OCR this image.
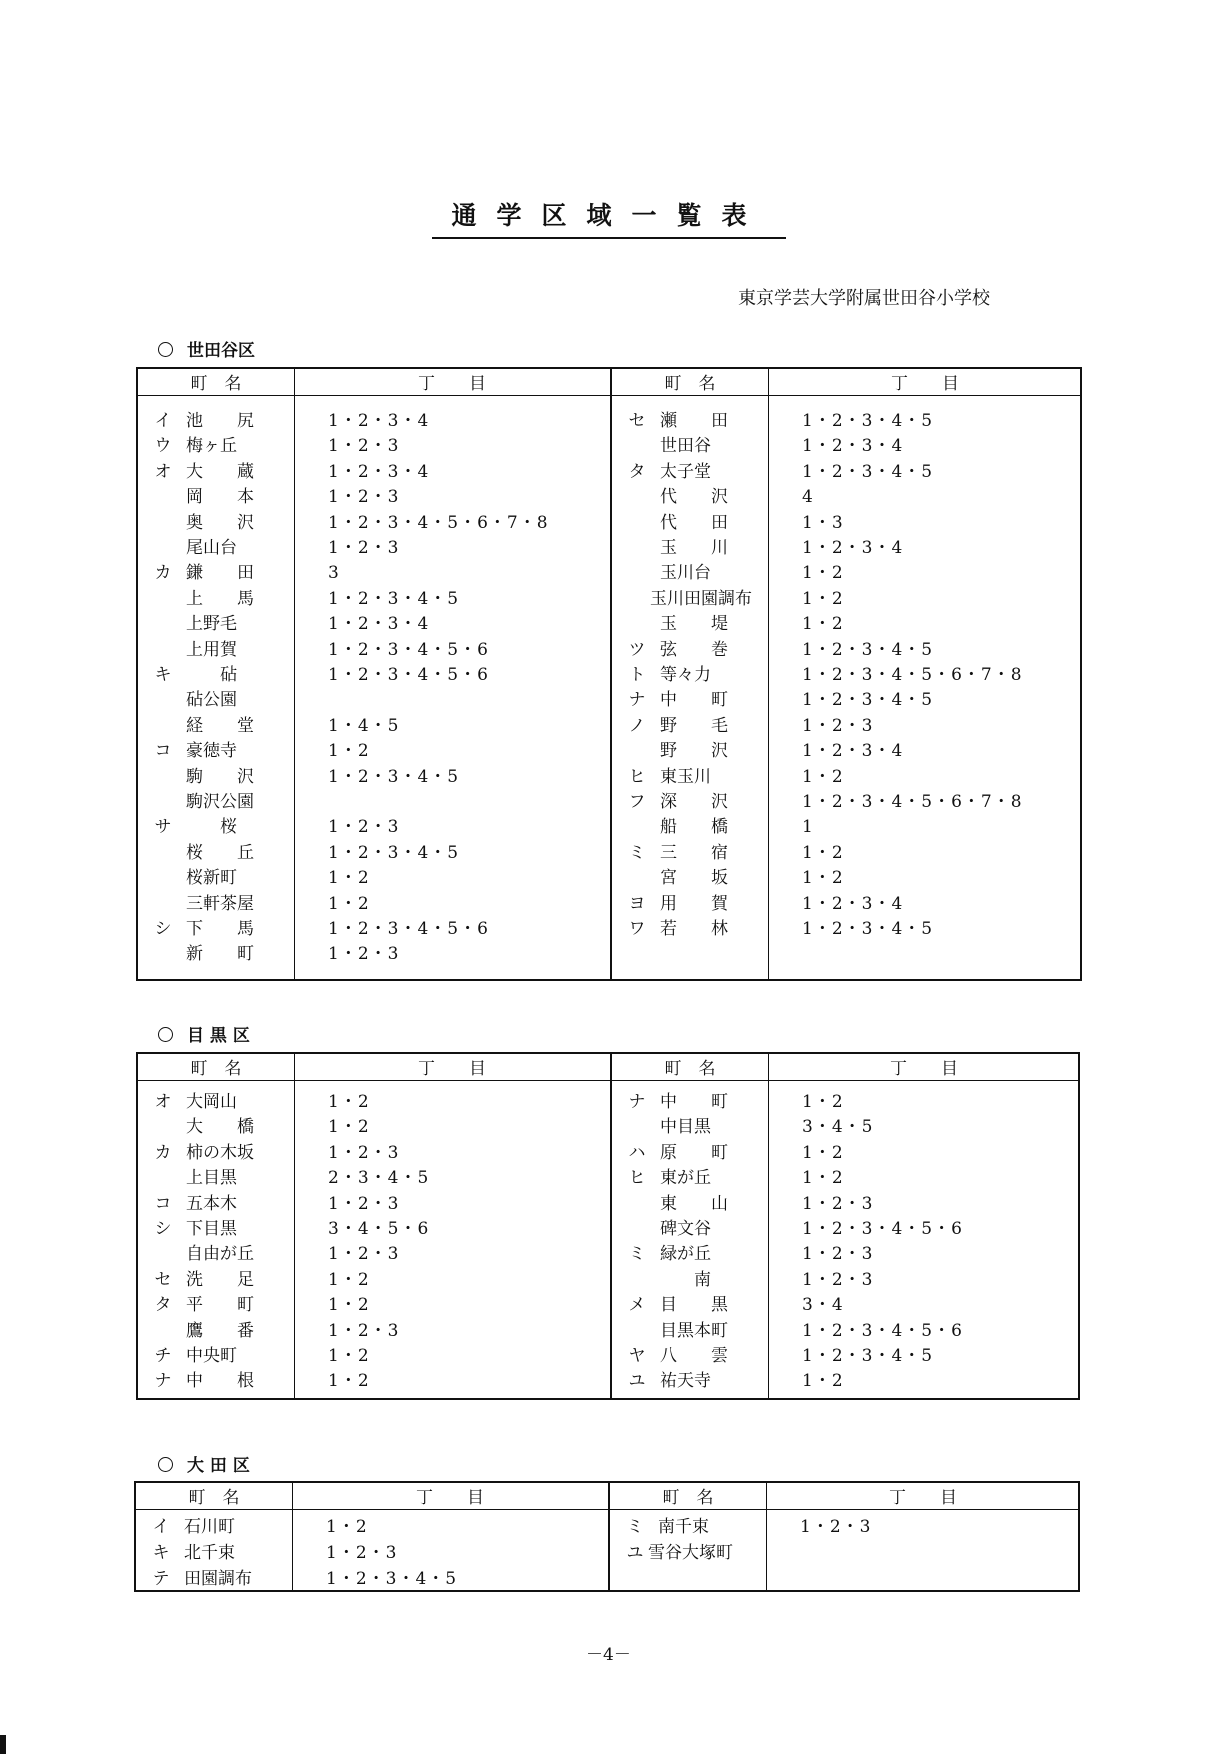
通学区域一覧表
東京学芸大学附属世田谷小学校
世田谷区
町　名	丁　　目
イ 池　　尻	1・2・3・4
ウ 梅ヶ丘	1・2・3
オ 大　　蔵	1・2・3・4
岡　　本	1・2・3
奥　　沢	1・2・3・4・5・6・7・8
尾山台	1・2・3
カ 鎌　　田	3
上　　馬	1・2・3・4・5
上野毛	1・2・3・4
上用賀	1・2・3・4・5・6
キ 　　砧	1・2・3・4・5・6
砧公園
経　　堂	1・4・5
コ 豪徳寺	1・2
駒　　沢	1・2・3・4・5
駒沢公園
サ 　　桜	1・2・3
桜　　丘	1・2・3・4・5
桜新町	1・2
三軒茶屋	1・2
シ 下　　馬	1・2・3・4・5・6
新　　町	1・2・3
町　名	丁　　目
セ 瀬　　田	1・2・3・4・5
世田谷	1・2・3・4
タ 太子堂	1・2・3・4・5
代　　沢	4
代　　田	1・3
玉　　川	1・2・3・4
玉川台	1・2
玉川田園調布	1・2
玉　　堤	1・2
ツ 弦　　巻	1・2・3・4・5
ト 等々力	1・2・3・4・5・6・7・8
ナ 中　　町	1・2・3・4・5
ノ 野　　毛	1・2・3
野　　沢	1・2・3・4
ヒ 東玉川	1・2
フ 深　　沢	1・2・3・4・5・6・7・8
船　　橋	1
ミ 三　　宿	1・2
宮　　坂	1・2
ヨ 用　　賀	1・2・3・4
ワ 若　　林	1・2・3・4・5
目 黒 区
町　名	丁　　目
オ 大岡山	1・2
大　　橋	1・2
カ 柿の木坂	1・2・3
上目黒	2・3・4・5
コ 五本木	1・2・3
シ 下目黒	3・4・5・6
自由が丘	1・2・3
セ 洗　　足	1・2
タ 平　　町	1・2
鷹　　番	1・2・3
チ 中央町	1・2
ナ 中　　根	1・2
町　名	丁　　目
ナ 中　　町	1・2
中目黒	3・4・5
ハ 原　　町	1・2
ヒ 東が丘	1・2
東　　山	1・2・3
碑文谷	1・2・3・4・5・6
ミ 緑が丘	1・2・3
　　南	1・2・3
メ 目　　黒	3・4
目黒本町	1・2・3・4・5・6
ヤ 八　　雲	1・2・3・4・5
ユ 祐天寺	1・2
大 田 区
町　名	丁　　目
イ 石川町	1・2
キ 北千束	1・2・3
テ 田園調布	1・2・3・4・5
町　名	丁　　目
ミ 南千束	1・2・3
ユ 雪谷大塚町
－4－
